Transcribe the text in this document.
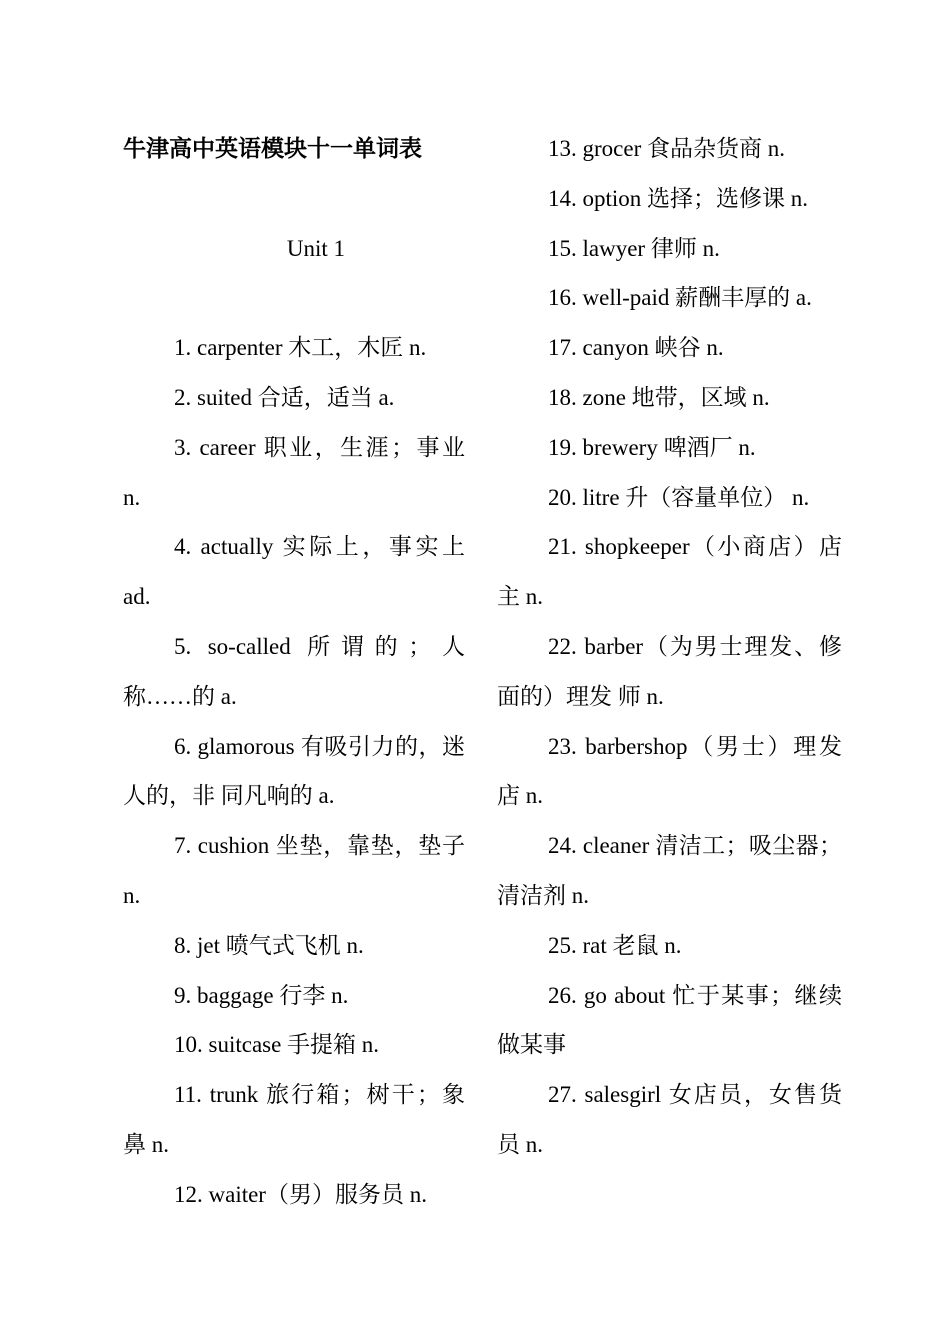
牛津高中英语模块十一单词表
Unit 1
1. carpenter 木工，木匠 n.
2. suited 合适，适当 a.
3. career 职业，生涯；事业 n.
4. actually 实际上，事实上 ad.
5. so-called 所谓的；人称……的 a.
6. glamorous 有吸引力的，迷人的，非 同凡响的 a.
7. cushion 坐垫，靠垫，垫子 n.
8. jet 喷气式飞机 n.
9. baggage 行李 n.
10. suitcase 手提箱 n.
11. trunk 旅行箱；树干；象鼻 n.
12. waiter（男）服务员 n.
13. grocer 食品杂货商 n.
14. option 选择；选修课 n.
15. lawyer 律师 n.
16. well-paid 薪酬丰厚的 a.
17. canyon 峡谷 n.
18. zone 地带，区域 n.
19. brewery 啤酒厂 n.
20. litre 升（容量单位） n.
21. shopkeeper（小商店）店主 n.
22. barber（为男士理发、修面的）理发 师 n.
23. barbershop（男士）理发店 n.
24. cleaner 清洁工；吸尘器；清洁剂 n.
25. rat 老鼠 n.
26. go about 忙于某事；继续做某事
27. salesgirl 女店员，女售货员 n.
